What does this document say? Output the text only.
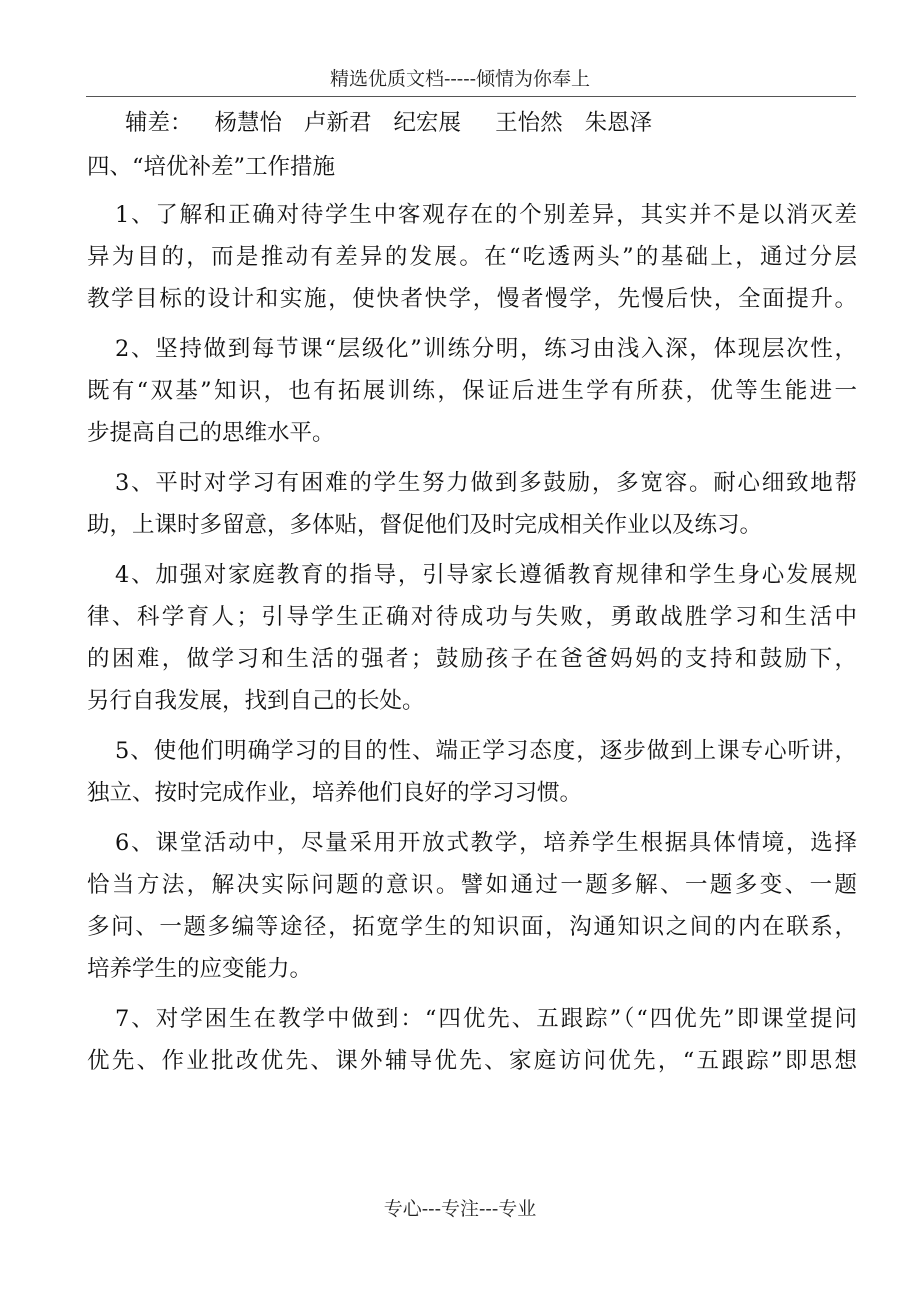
精选优质文档-----倾情为你奉上
辅差： 杨慧怡 卢新君 纪宏展 王怡然 朱恩泽
四、“培优补差”工作措施
1、了解和正确对待学生中客观存在的个别差异，其实并不是以消灭差
异为目的，而是推动有差异的发展。在“吃透两头”的基础上，通过分层
教学目标的设计和实施，使快者快学，慢者慢学，先慢后快，全面提升。
2、坚持做到每节课“层级化”训练分明，练习由浅入深，体现层次性，
既有“双基”知识，也有拓展训练，保证后进生学有所获，优等生能进一
步提高自己的思维水平。
3、平时对学习有困难的学生努力做到多鼓励，多宽容。耐心细致地帮
助，上课时多留意，多体贴，督促他们及时完成相关作业以及练习。
4、加强对家庭教育的指导，引导家长遵循教育规律和学生身心发展规
律、科学育人；引导学生正确对待成功与失败，勇敢战胜学习和生活中
的困难，做学习和生活的强者；鼓励孩子在爸爸妈妈的支持和鼓励下，
另行自我发展，找到自己的长处。
5、使他们明确学习的目的性、端正学习态度，逐步做到上课专心听讲，
独立、按时完成作业，培养他们良好的学习习惯。
6、课堂活动中，尽量采用开放式教学，培养学生根据具体情境，选择
恰当方法，解决实际问题的意识。譬如通过一题多解、一题多变、一题
多问、一题多编等途径，拓宽学生的知识面，沟通知识之间的内在联系，
培养学生的应变能力。
7、对学困生在教学中做到：“四优先、五跟踪”（“四优先”即课堂提问
优先、作业批改优先、课外辅导优先、家庭访问优先，“五跟踪”即思想
专心---专注---专业
